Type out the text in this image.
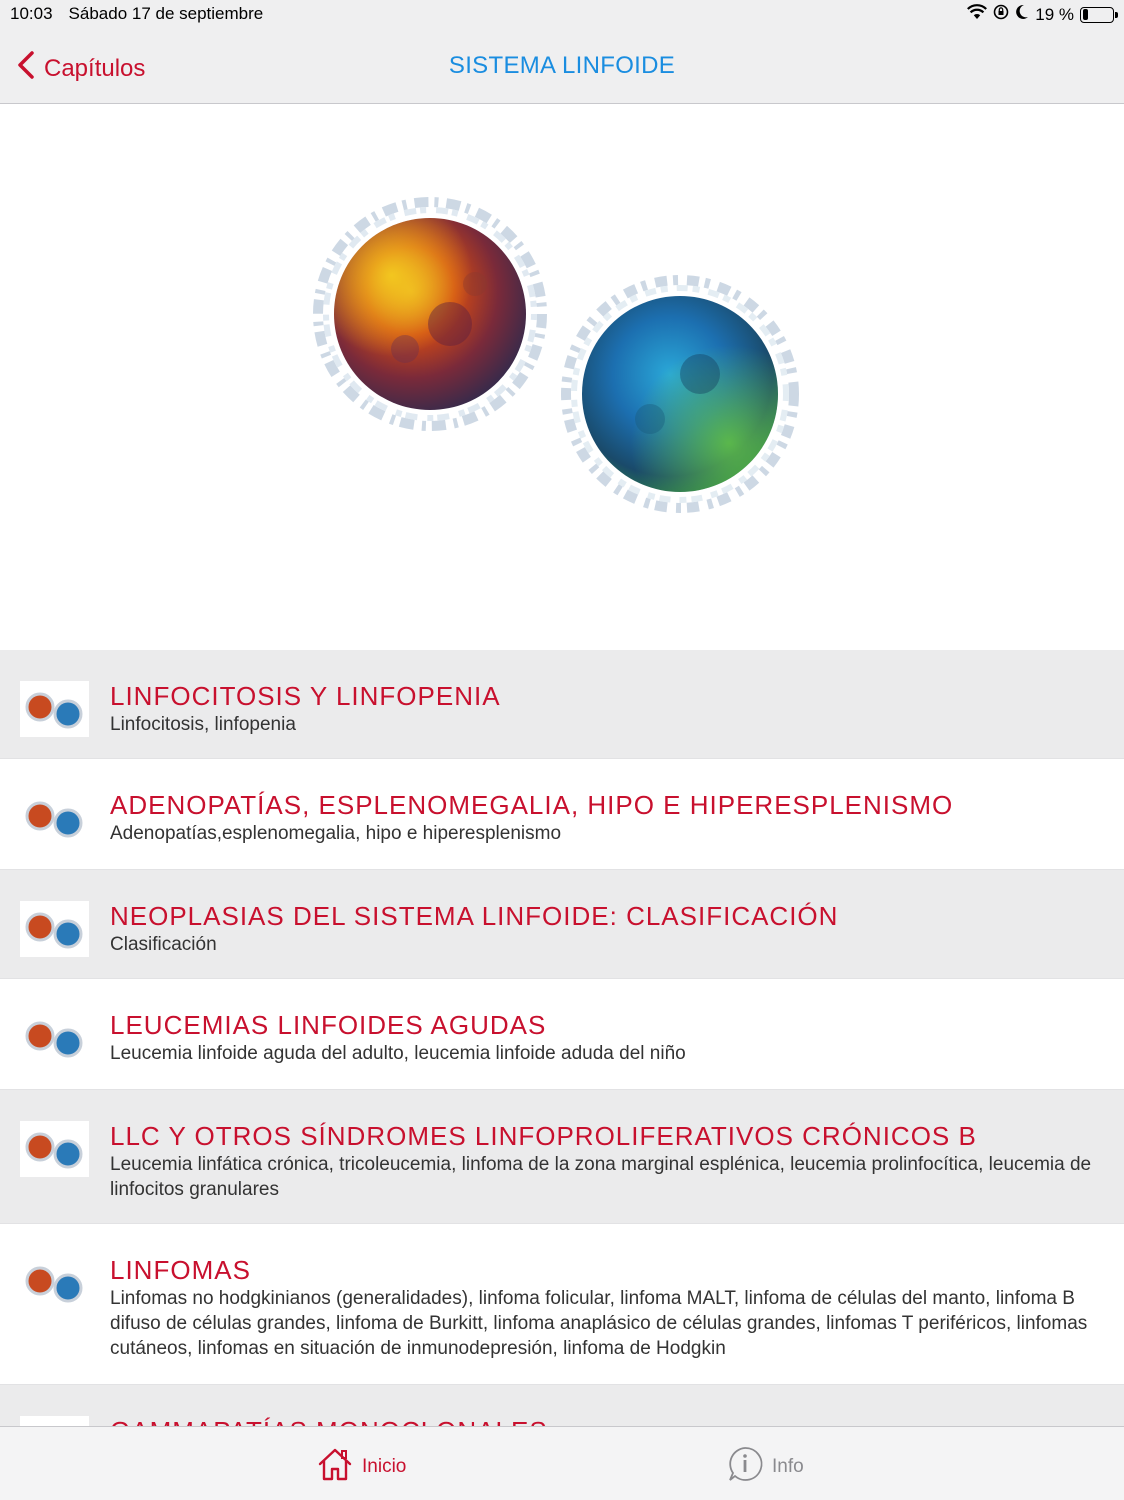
10:03 Sábado 17 de septiembre	19 %
Capítulos	SISTEMA LINFOIDE
LINFOCITOSIS Y LINFOPENIA
Linfocitosis, linfopenia
ADENOPATÍAS, ESPLENOMEGALIA, HIPO E HIPERESPLENISMO
Adenopatías,esplenomegalia, hipo e hiperesplenismo
NEOPLASIAS DEL SISTEMA LINFOIDE: CLASIFICACIÓN
Clasificación
LEUCEMIAS LINFOIDES AGUDAS
Leucemia linfoide aguda del adulto, leucemia linfoide aduda del niño
LLC Y OTROS SÍNDROMES LINFOPROLIFERATIVOS CRÓNICOS B
Leucemia linfática crónica, tricoleucemia, linfoma de la zona marginal esplénica, leucemia prolinfocítica, leucemia de linfocitos granulares
LINFOMAS
Linfomas no hodgkinianos (generalidades), linfoma folicular, linfoma MALT, linfoma de células del manto, linfoma B difuso de células grandes, linfoma de Burkitt, linfoma anaplásico de células grandes, linfomas T periféricos, linfomas cutáneos, linfomas en situación de inmunodepresión, linfoma de Hodgkin
Inicio	Info
